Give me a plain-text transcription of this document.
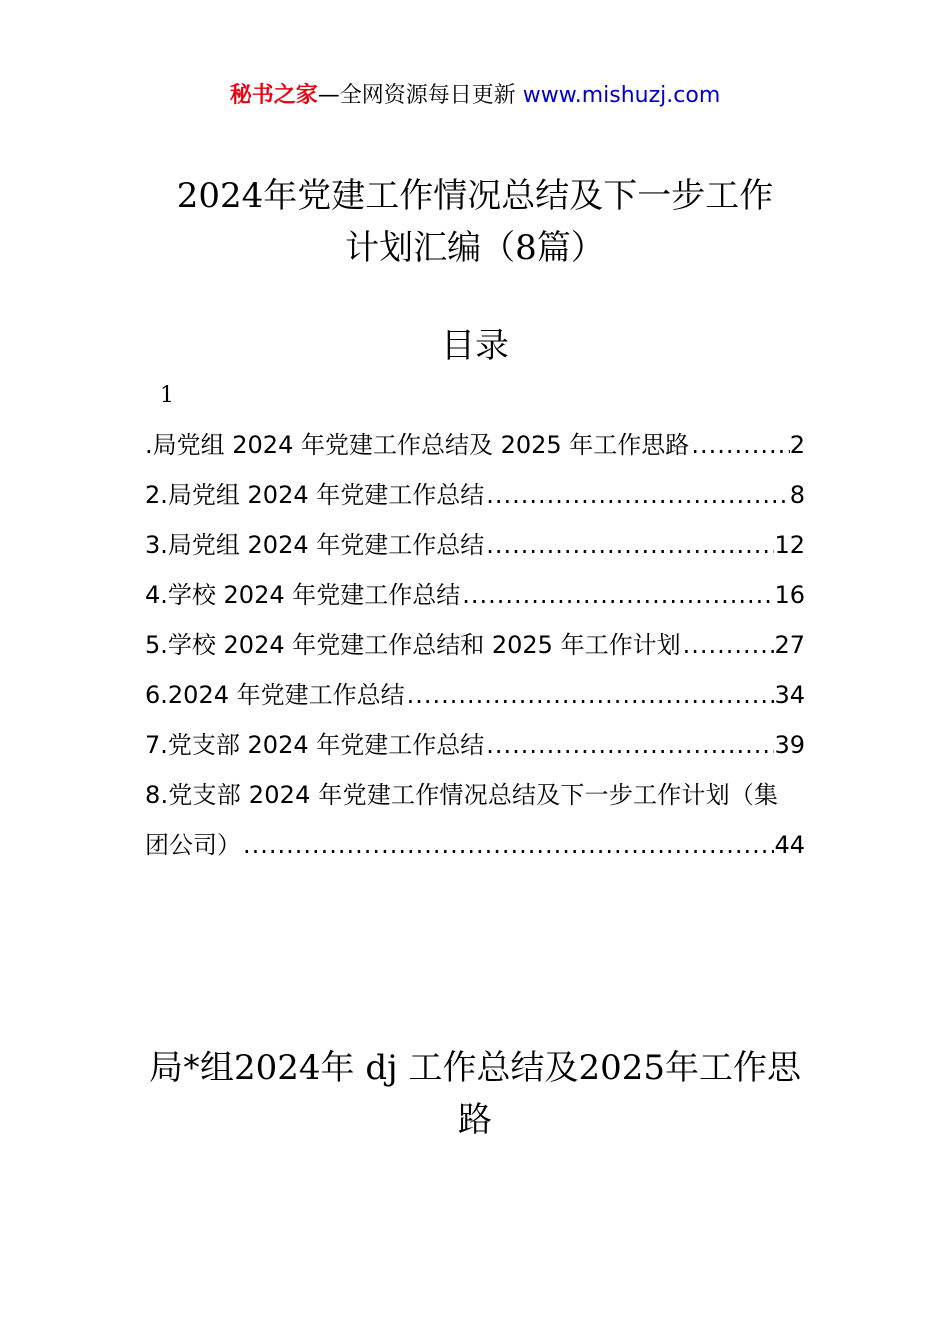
秘书之家—全网资源每日更新 www.mishuzj.com
2024年党建工作情况总结及下一步工作
计划汇编（8篇）
目录
1
.局党组 2024 年党建工作总结及 2025 年工作思路 .....	2
2.局党组 2024 年党建工作总结 .....	8
3.局党组 2024 年党建工作总结 .....	12
4.学校 2024 年党建工作总结 .....	16
5.学校 2024 年党建工作总结和 2025 年工作计划 .....	27
6.2024 年党建工作总结 .....	34
7.党支部 2024 年党建工作总结 .....	39
8.党支部 2024 年党建工作情况总结及下一步工作计划（集
团公司） .....	44
局*组2024年 dj 工作总结及2025年工作思
路
